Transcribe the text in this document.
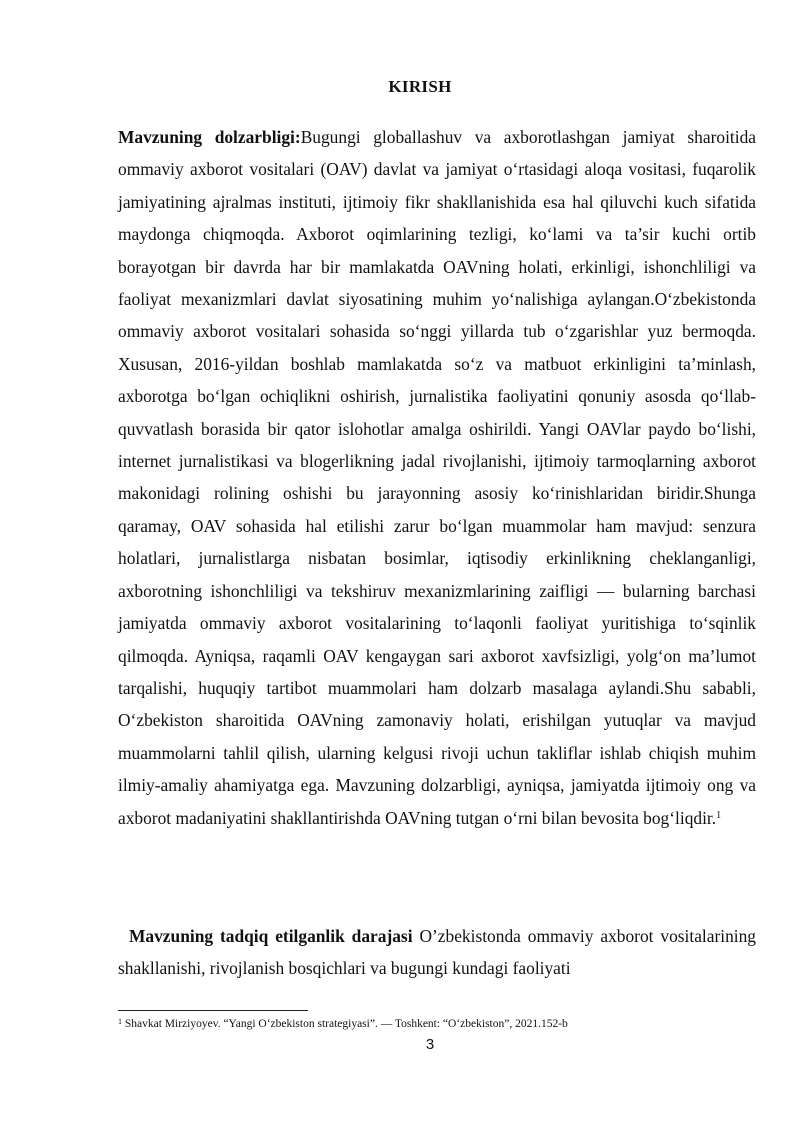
KIRISH
Mavzuning dolzarbligi:Bugungi globallashuv va axborotlashgan jamiyat sharoitida ommaviy axborot vositalari (OAV) davlat va jamiyat o‘rtasidagi aloqa vositasi, fuqarolik jamiyatining ajralmas instituti, ijtimoiy fikr shakllanishida esa hal qiluvchi kuch sifatida maydonga chiqmoqda. Axborot oqimlarining tezligi, ko‘lami va ta’sir kuchi ortib borayotgan bir davrda har bir mamlakatda OAVning holati, erkinligi, ishonchliligi va faoliyat mexanizmlari davlat siyosatining muhim yo‘nalishiga aylangan.O‘zbekistonda ommaviy axborot vositalari sohasida so‘nggi yillarda tub o‘zgarishlar yuz bermoqda. Xususan, 2016-yildan boshlab mamlakatda so‘z va matbuot erkinligini ta’minlash, axborotga bo‘lgan ochiqlikni oshirish, jurnalistika faoliyatini qonuniy asosda qo‘llab-quvvatlash borasida bir qator islohotlar amalga oshirildi. Yangi OAVlar paydo bo‘lishi, internet jurnalistikasi va blogerlikning jadal rivojlanishi, ijtimoiy tarmoqlarning axborot makonidagi rolining oshishi bu jarayonning asosiy ko‘rinishlaridan biridir.Shunga qaramay, OAV sohasida hal etilishi zarur bo‘lgan muammolar ham mavjud: senzura holatlari, jurnalistlarga nisbatan bosimlar, iqtisodiy erkinlikning cheklanganligi, axborotning ishonchliligi va tekshiruv mexanizmlarining zaifligi — bularning barchasi jamiyatda ommaviy axborot vositalarining to‘laqonli faoliyat yuritishiga to‘sqinlik qilmoqda. Ayniqsa, raqamli OAV kengaygan sari axborot xavfsizligi, yolg‘on ma’lumot tarqalishi, huquqiy tartibot muammolari ham dolzarb masalaga aylandi.Shu sababli, O‘zbekiston sharoitida OAVning zamonaviy holati, erishilgan yutuqlar va mavjud muammolarni tahlil qilish, ularning kelgusi rivoji uchun takliflar ishlab chiqish muhim ilmiy-amaliy ahamiyatga ega. Mavzuning dolzarbligi, ayniqsa, jamiyatda ijtimoiy ong va axborot madaniyatini shakllantirishda OAVning tutgan o‘rni bilan bevosita bog‘liqdir.$^1$
Mavzuning tadqiq etilganlik darajasi O’zbekistonda ommaviy axborot vositalarining shakllanishi, rivojlanish bosqichlari va bugungi kundagi faoliyati
$^1$ Shavkat Mirziyoyev. “Yangi O‘zbekiston strategiyasi”. — Toshkent: “O‘zbekiston”, 2021.152-b
3
